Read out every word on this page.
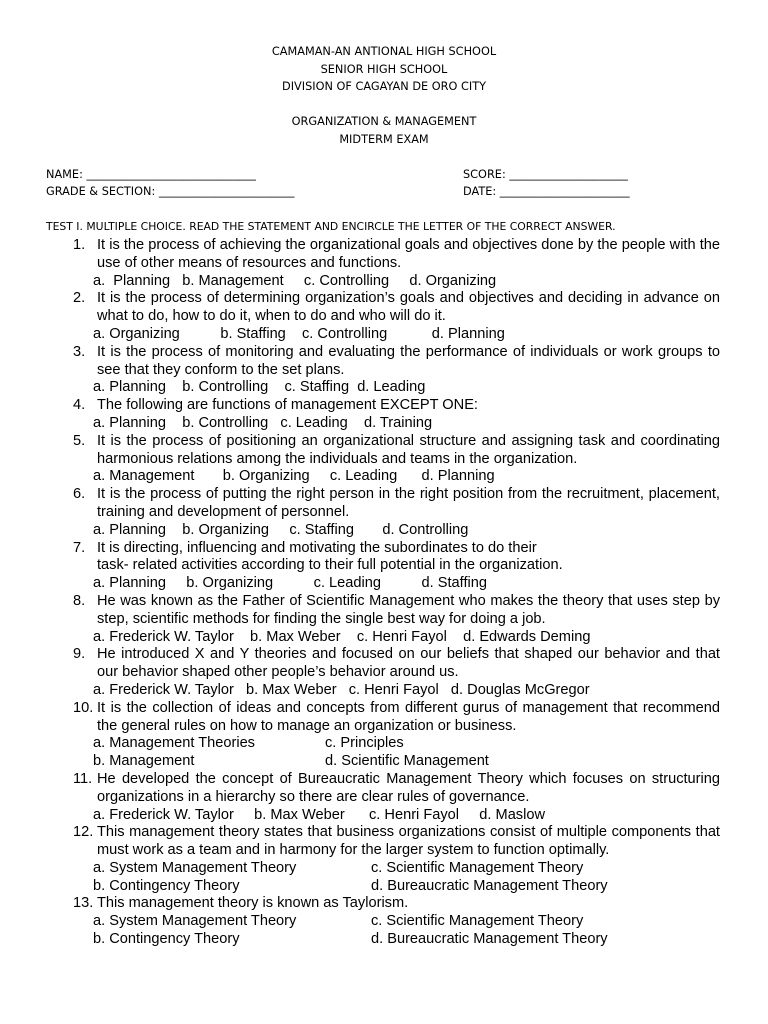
CAMAMAN-AN ANTIONAL HIGH SCHOOL
SENIOR HIGH SCHOOL
DIVISION OF CAGAYAN DE ORO CITY
ORGANIZATION & MANAGEMENT
MIDTERM EXAM
NAME: ______________________________	SCORE: _____________________
GRADE & SECTION: ________________________	DATE: _______________________
TEST I. MULTIPLE CHOICE. READ THE STATEMENT AND ENCIRCLE THE LETTER OF THE CORRECT ANSWER.
1. It is the process of achieving the organizational goals and objectives done by the people with the use of other means of resources and functions.
a.  Planning   b. Management     c. Controlling     d. Organizing
2. It is the process of determining organization’s goals and objectives and deciding in advance on what to do, how to do it, when to do and who will do it.
a. Organizing          b. Staffing    c. Controlling           d. Planning
3. It is the process of monitoring and evaluating the performance of individuals or work groups to see that they conform to the set plans.
a. Planning    b. Controlling    c. Staffing  d. Leading
4. The following are functions of management EXCEPT ONE:
a. Planning    b. Controlling   c. Leading    d. Training
5. It is the process of positioning an organizational structure and assigning task and coordinating harmonious relations among the individuals and teams in the organization.
a. Management       b. Organizing     c. Leading      d. Planning
6. It is the process of putting the right person in the right position from the recruitment, placement, training and development of personnel.
a. Planning    b. Organizing     c. Staffing       d. Controlling
7. It is directing, influencing and motivating the subordinates to do their
task- related activities according to their full potential in the organization.
a. Planning     b. Organizing          c. Leading          d. Staffing
8. He was known as the Father of Scientific Management who makes the theory that uses step by step, scientific methods for finding the single best way for doing a job.
a. Frederick W. Taylor    b. Max Weber    c. Henri Fayol    d. Edwards Deming
9. He introduced X and Y theories and focused on our beliefs that shaped our behavior and that our behavior shaped other people’s behavior around us.
a. Frederick W. Taylor   b. Max Weber   c. Henri Fayol   d. Douglas McGregor
10. It is the collection of ideas and concepts from different gurus of management that recommend the general rules on how to manage an organization or business.
a. Management Theories	c. Principles
b. Management	d. Scientific Management
11. He developed the concept of Bureaucratic Management Theory which focuses on structuring organizations in a hierarchy so there are clear rules of governance.
a. Frederick W. Taylor     b. Max Weber      c. Henri Fayol     d. Maslow
12. This management theory states that business organizations consist of multiple components that must work as a team and in harmony for the larger system to function optimally.
a. System Management Theory	c. Scientific Management Theory
b. Contingency Theory	d. Bureaucratic Management Theory
13. This management theory is known as Taylorism.
a. System Management Theory	c. Scientific Management Theory
b. Contingency Theory	d. Bureaucratic Management Theory
